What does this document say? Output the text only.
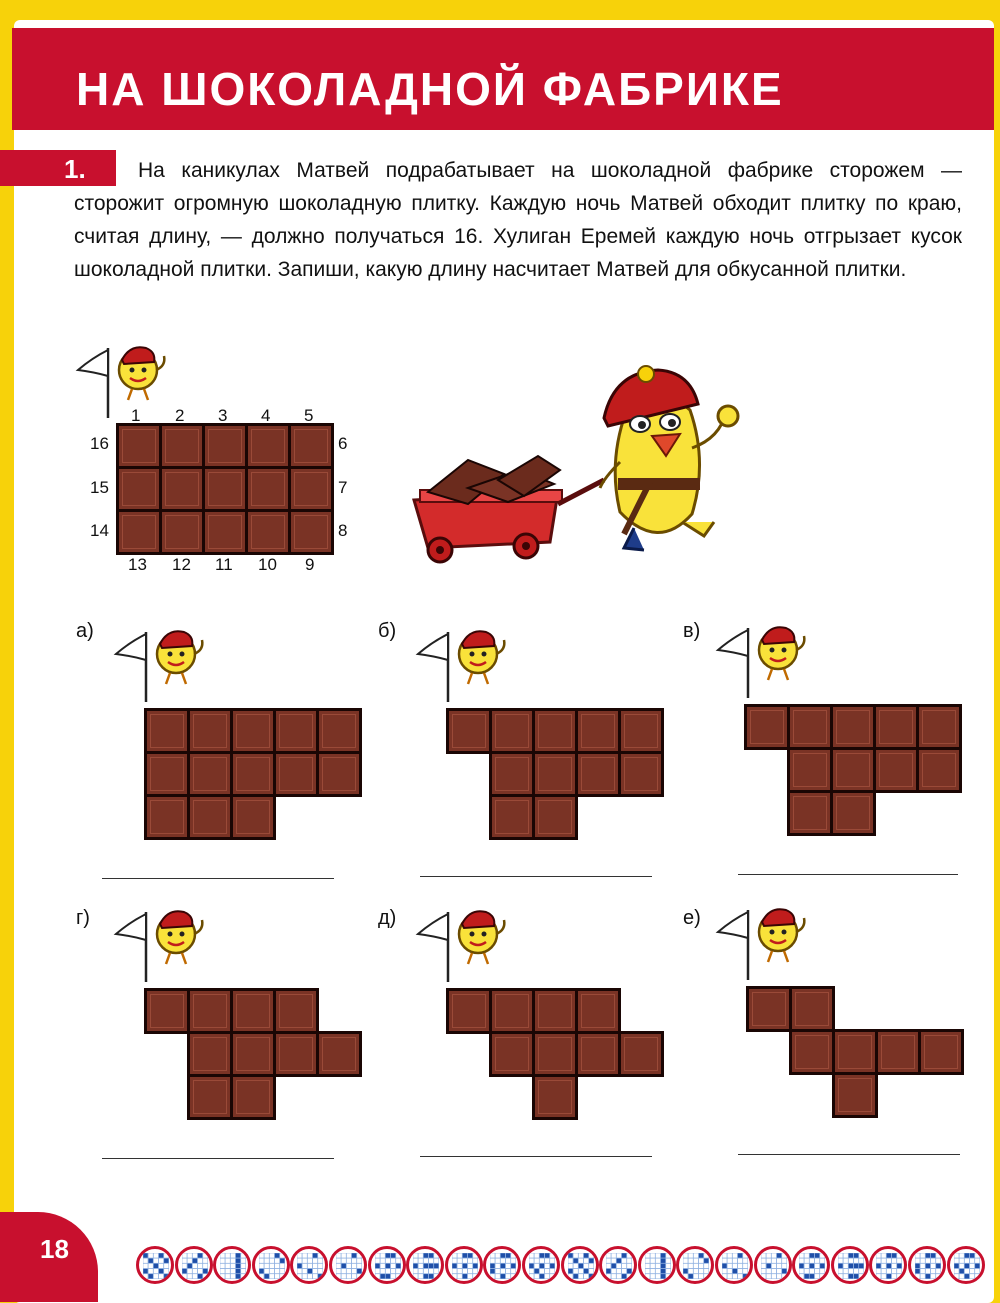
НА ШОКОЛАДНОЙ ФАБРИКЕ
1.	На каникулах Матвей подрабатывает на шоколадной фабрике сторожем — сторожит огромную шоколадную плитку. Каждую ночь Матвей обходит плитку по краю, считая длину, — должно получаться 16. Хулиган Еремей каждую ночь отгрызает кусок шоколадной плитки. Запиши, какую длину насчитает Матвей для обкусанной плитки.

1 2 3 4 5
6
7
8
13 12 11 10 9
16
15
14
а)	б)	в)
г)	д)	е)
18
